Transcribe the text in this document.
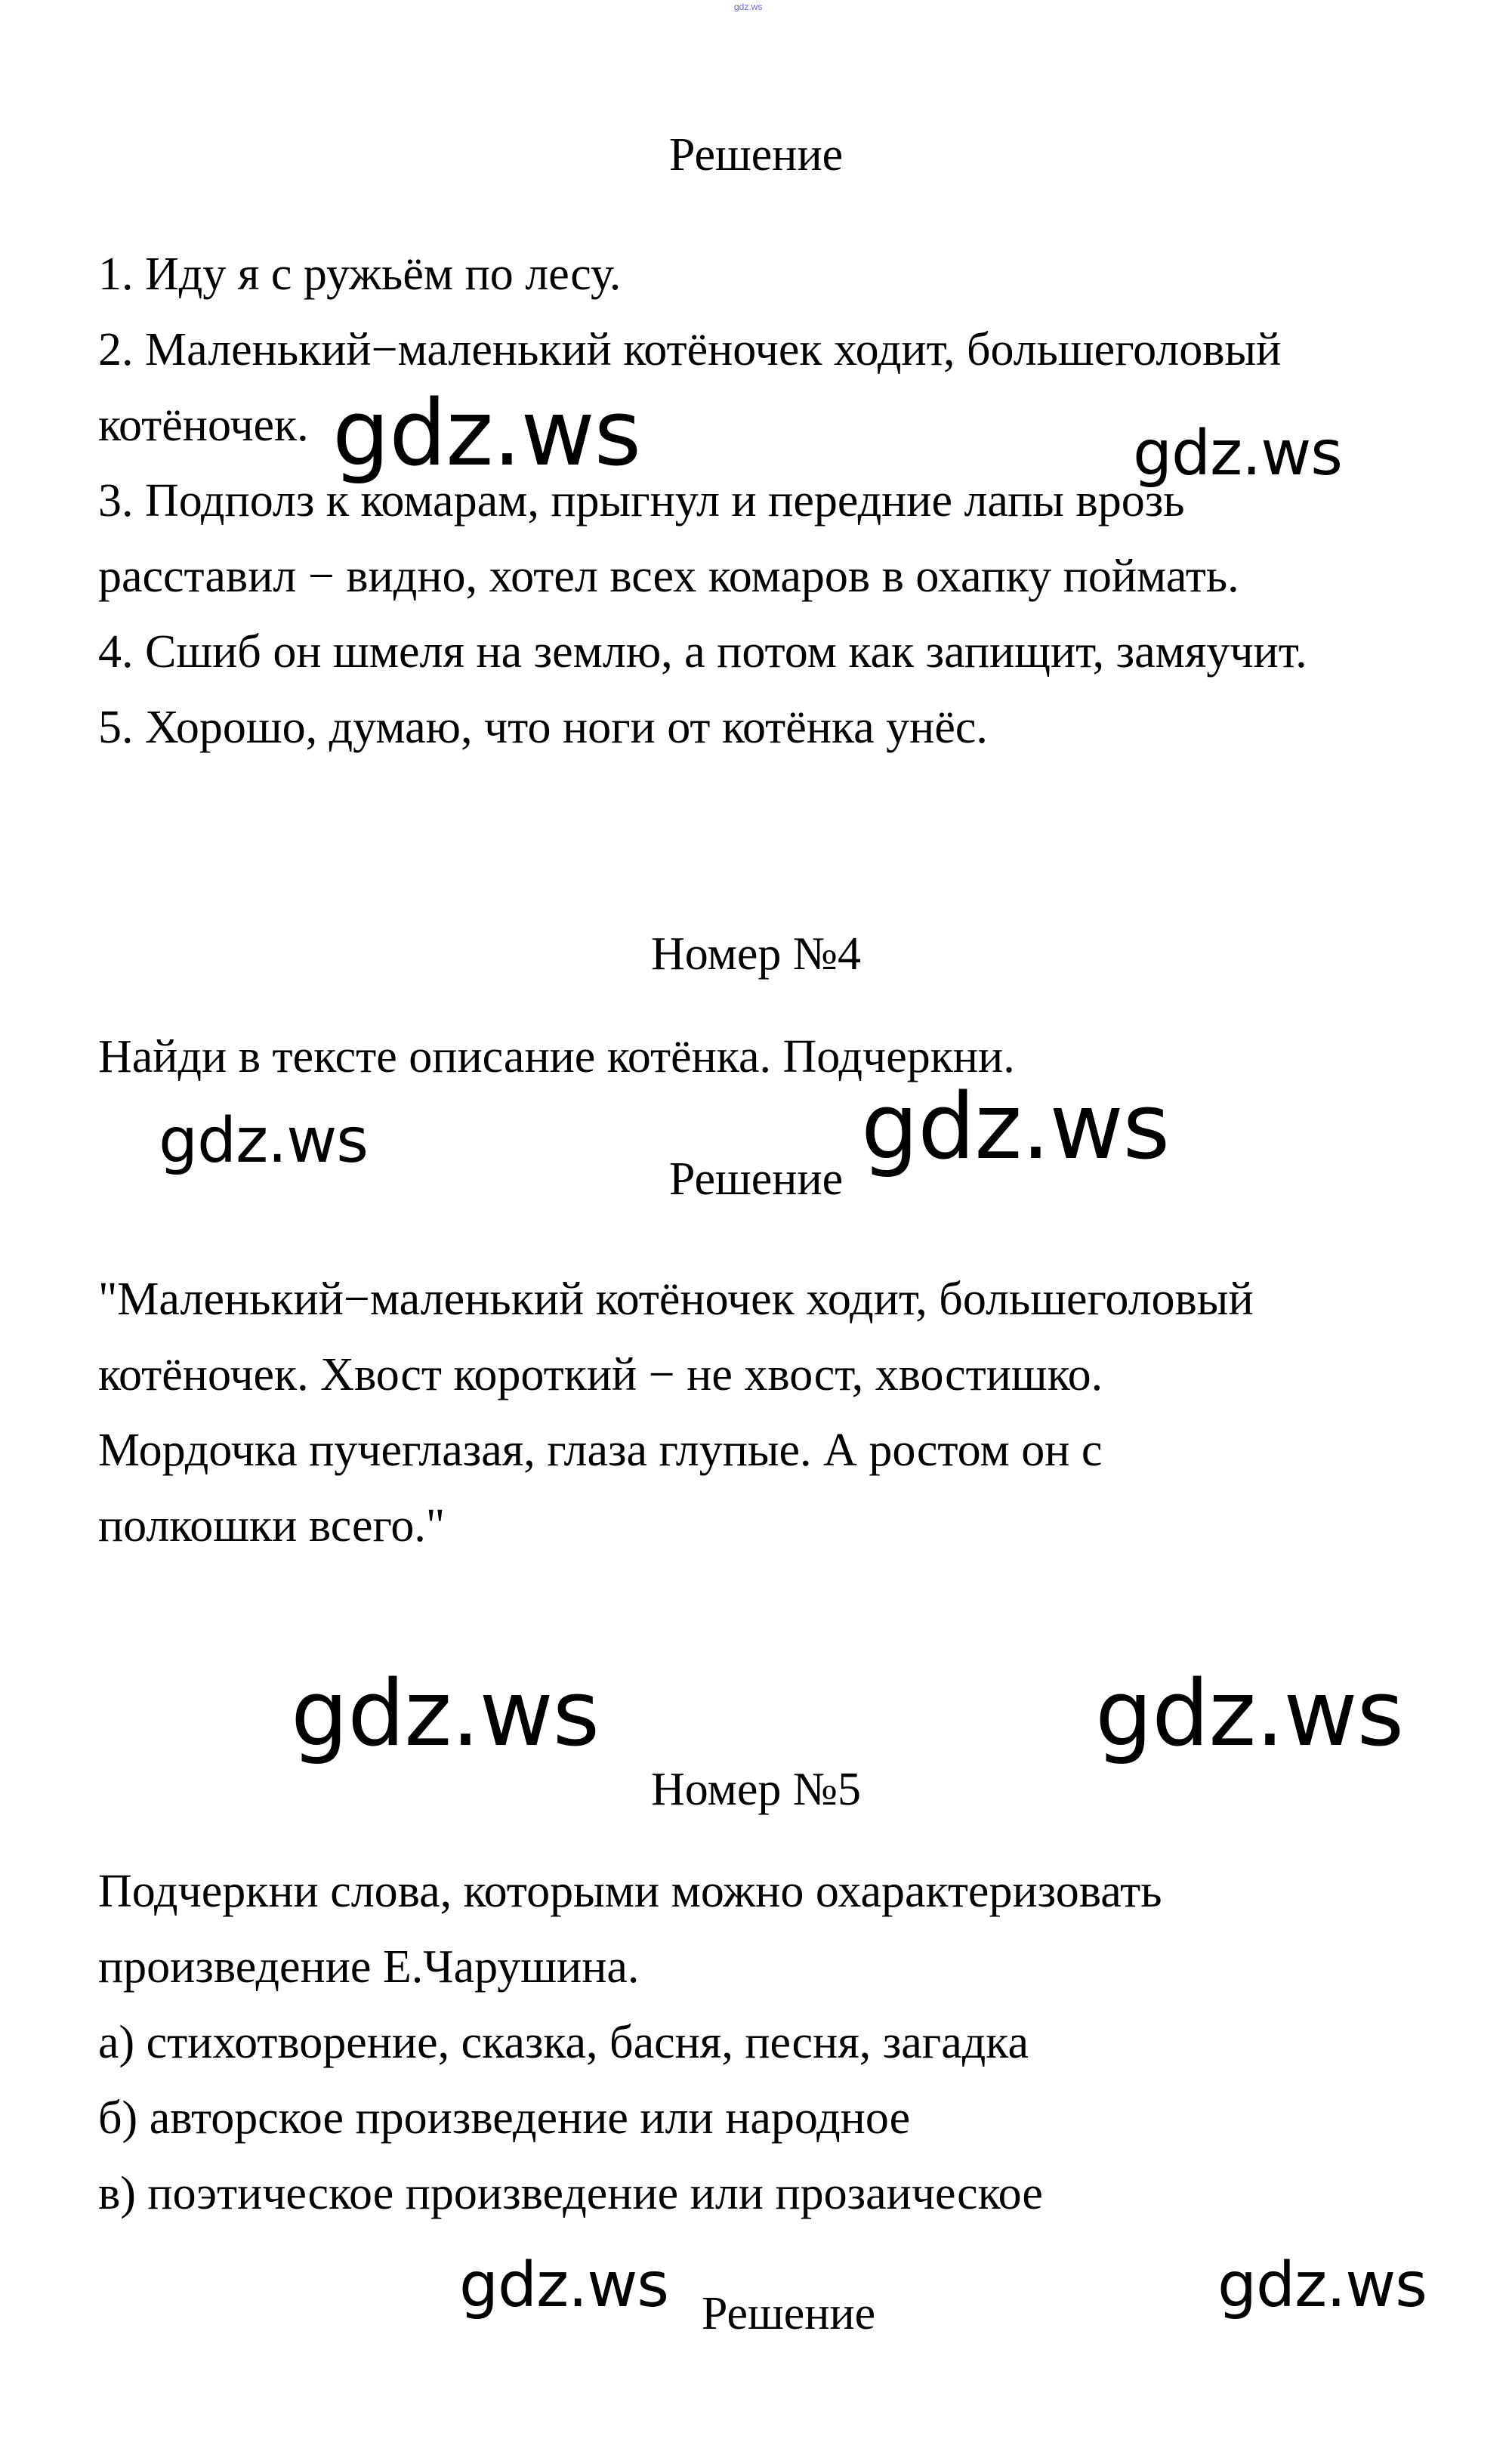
gdz.ws
Решение
1. Иду я с ружьём по лесу.
2. Маленький−маленький котёночек ходит, большеголовый
котёночек.
3. Подполз к комарам, прыгнул и передние лапы врозь
расставил − видно, хотел всех комаров в охапку поймать.
4. Сшиб он шмеля на землю, а потом как запищит, замяучит.
5. Хорошо, думаю, что ноги от котёнка унёс.
gdz.ws	gdz.ws
Номер №4
Найди в тексте описание котёнка. Подчеркни.
gdz.ws
Решение gdz.ws
"Маленький−маленький котёночек ходит, большеголовый
котёночек. Хвост короткий − не хвост, хвостишко.
Мордочка пучеглазая, глаза глупые. А ростом он с
полкошки всего."
gdz.ws	gdz.ws
Номер №5
Подчеркни слова, которыми можно охарактеризовать
произведение Е.Чарушина.
а) стихотворение, сказка, басня, песня, загадка
б) авторское произведение или народное
в) поэтическое произведение или прозаическое
gdz.ws Решение	gdz.ws
